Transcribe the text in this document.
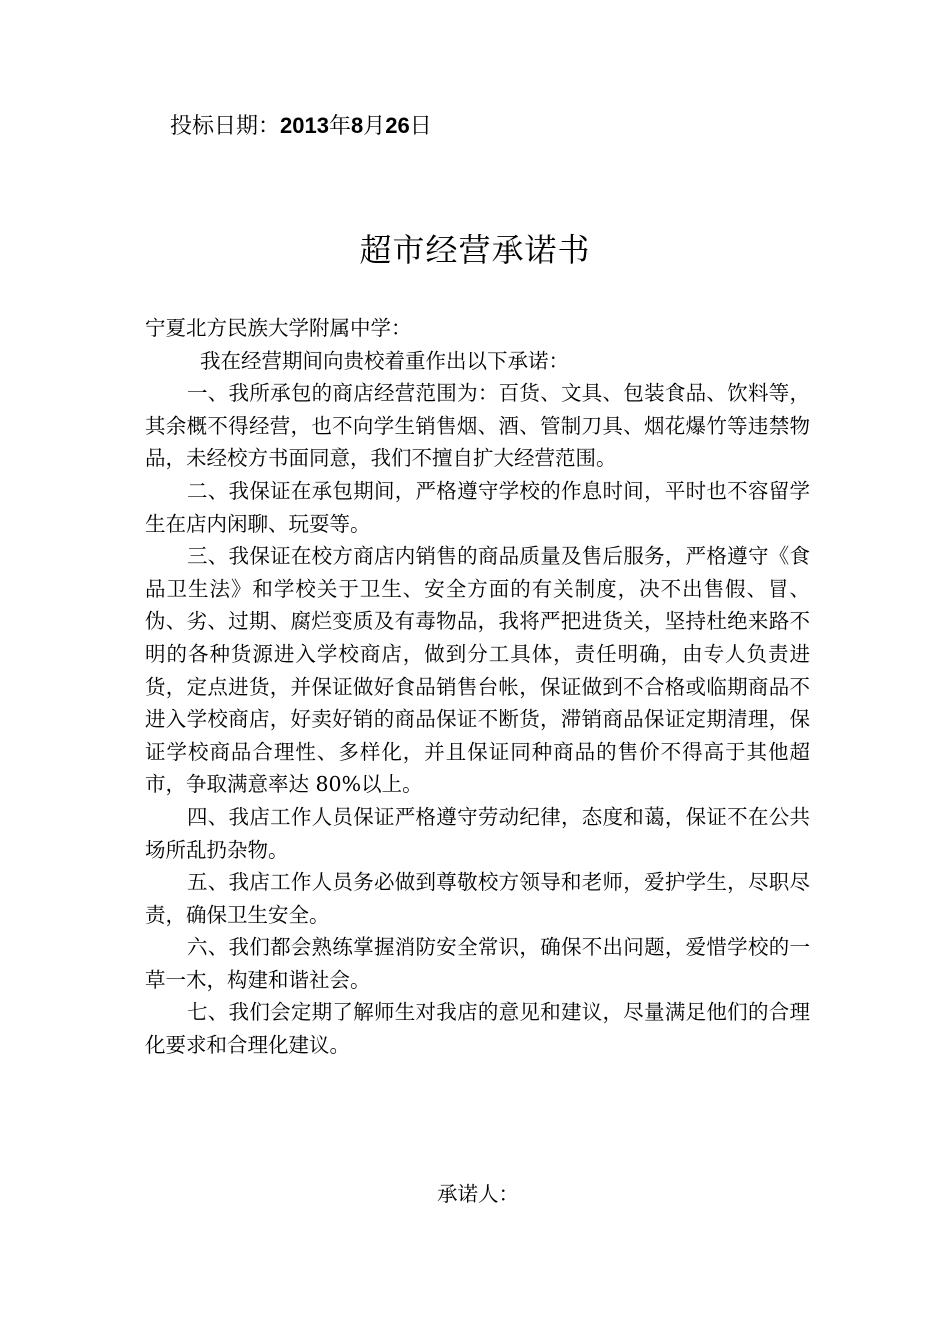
投标日期：2013年8月26日
超市经营承诺书

宁夏北方民族大学附属中学：

我在经营期间向贵校着重作出以下承诺：

一、我所承包的商店经营范围为：百货、文具、包装食品、饮料等，其余概不得经营，也不向学生销售烟、酒、管制刀具、烟花爆竹等违禁物品，未经校方书面同意，我们不擅自扩大经营范围。

二、我保证在承包期间，严格遵守学校的作息时间，平时也不容留学生在店内闲聊、玩耍等。

三、我保证在校方商店内销售的商品质量及售后服务，严格遵守《食品卫生法》和学校关于卫生、安全方面的有关制度，决不出售假、冒、伪、劣、过期、腐烂变质及有毒物品，我将严把进货关，坚持杜绝来路不明的各种货源进入学校商店，做到分工具体，责任明确，由专人负责进货，定点进货，并保证做好食品销售台帐，保证做到不合格或临期商品不进入学校商店，好卖好销的商品保证不断货，滞销商品保证定期清理，保证学校商品合理性、多样化，并且保证同种商品的售价不得高于其他超市，争取满意率达 80%以上。

四、我店工作人员保证严格遵守劳动纪律，态度和蔼，保证不在公共场所乱扔杂物。

五、我店工作人员务必做到尊敬校方领导和老师，爱护学生，尽职尽责，确保卫生安全。

六、我们都会熟练掌握消防安全常识，确保不出问题，爱惜学校的一草一木，构建和谐社会。

七、我们会定期了解师生对我店的意见和建议，尽量满足他们的合理化要求和合理化建议。

承诺人：
